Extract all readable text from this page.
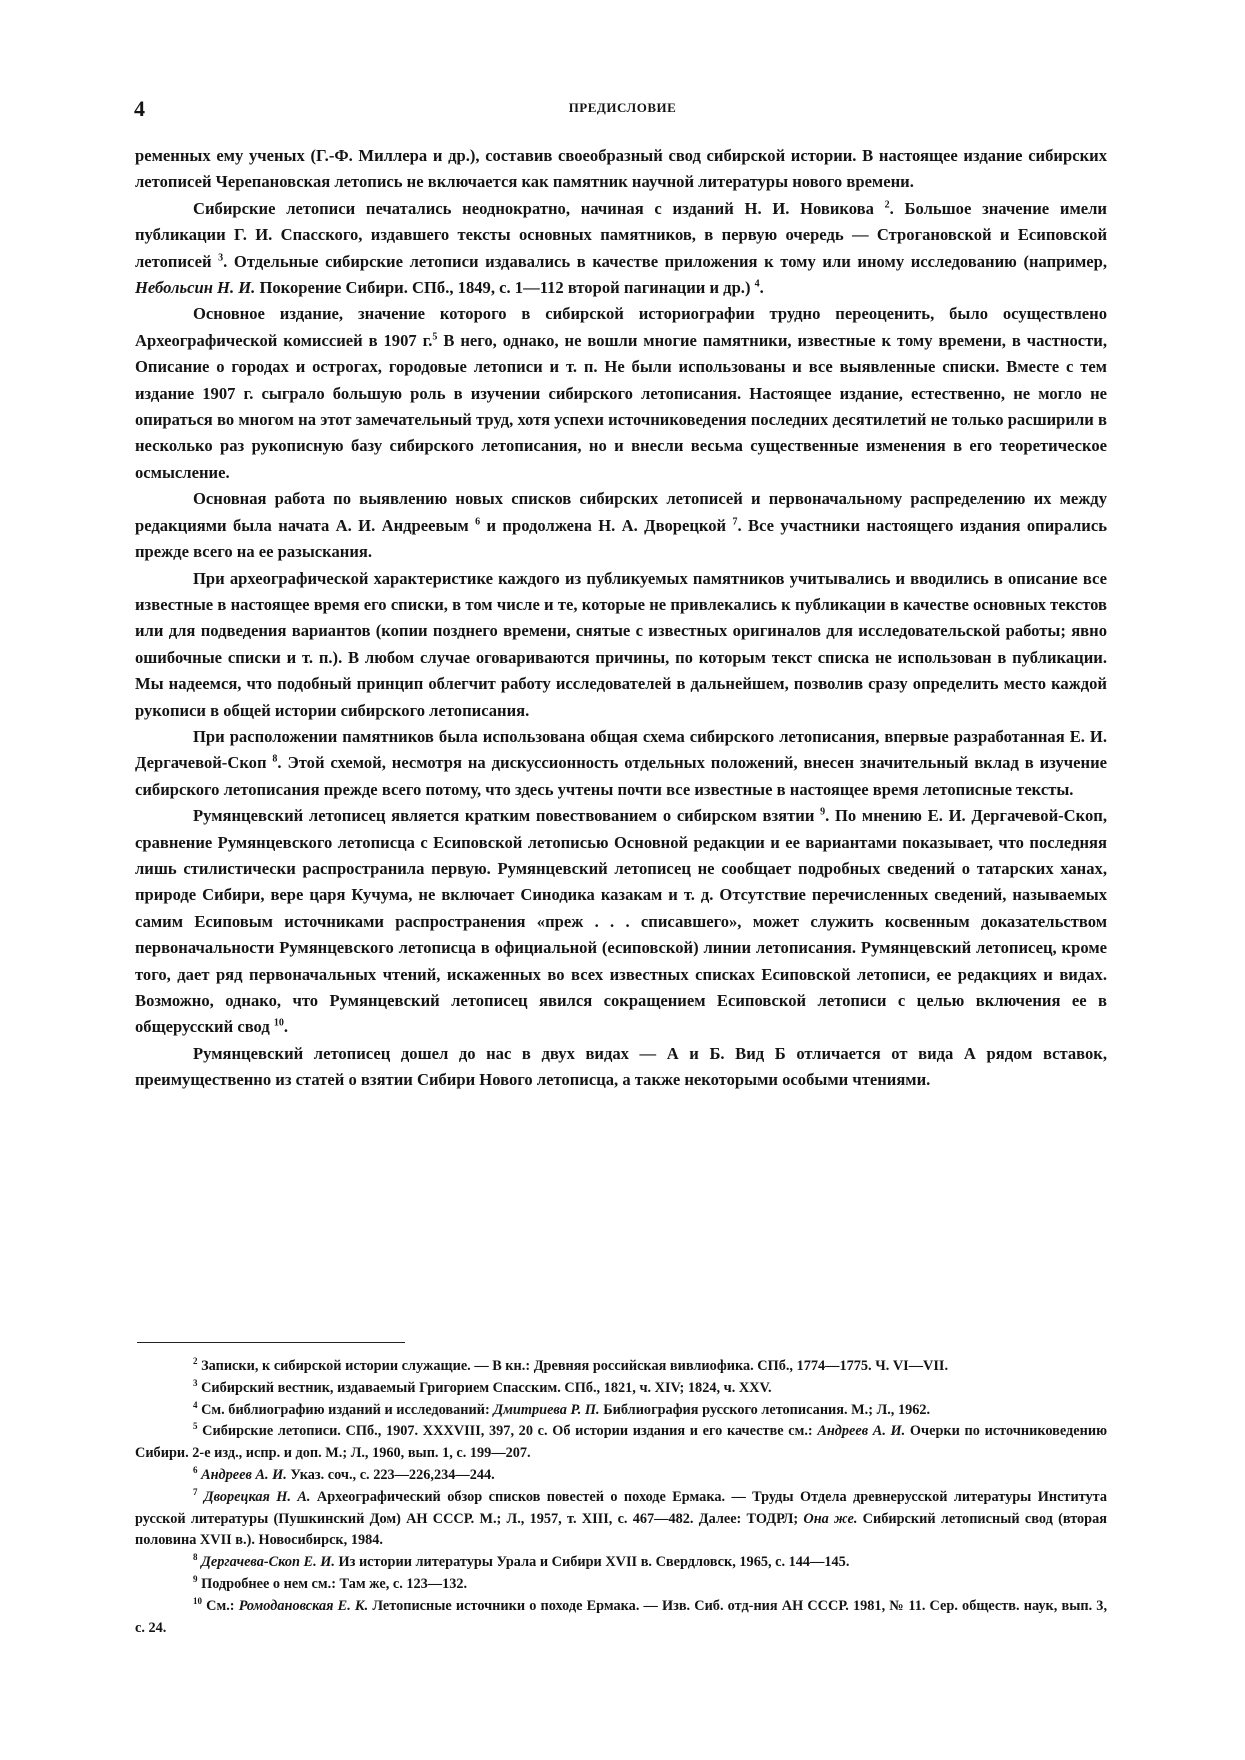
4	ПРЕДИСЛОВИЕ

ременных ему ученых (Г.-Ф. Миллера и др.), составив своеобразный свод сибирской истории. В настоящее издание сибирских летописей Черепановская летопись не включается как памятник научной литературы нового времени.

Сибирские летописи печатались неоднократно, начиная с изданий Н. И. Новикова $^2$. Большое значение имели публикации Г. И. Спасского, издавшего тексты основных памятников, в первую очередь — Строгановской и Есиповской летописей $^3$. Отдельные сибирские летописи издавались в качестве приложения к тому или иному исследованию (например, Небольсин Н. И. Покорение Сибири. СПб., 1849, с. 1—112 второй пагинации и др.) $^4$.

Основное издание, значение которого в сибирской историографии трудно переоценить, было осуществлено Археографической комиссией в 1907 г.$^5$ В него, однако, не вошли многие памятники, известные к тому времени, в частности, Описание о городах и острогах, городовые летописи и т. п. Не были использованы и все выявленные списки. Вместе с тем издание 1907 г. сыграло большую роль в изучении сибирского летописания. Настоящее издание, естественно, не могло не опираться во многом на этот замечательный труд, хотя успехи источниковедения последних десятилетий не только расширили в несколько раз рукописную базу сибирского летописания, но и внесли весьма существенные изменения в его теоретическое осмысление.

Основная работа по выявлению новых списков сибирских летописей и первоначальному распределению их между редакциями была начата А. И. Андреевым $^6$ и продолжена Н. А. Дворецкой $^7$. Все участники настоящего издания опирались прежде всего на ее разыскания.

При археографической характеристике каждого из публикуемых памятников учитывались и вводились в описание все известные в настоящее время его списки, в том числе и те, которые не привлекались к публикации в качестве основных текстов или для подведения вариантов (копии позднего времени, снятые с известных оригиналов для исследовательской работы; явно ошибочные списки и т. п.). В любом случае оговариваются причины, по которым текст списка не использован в публикации. Мы надеемся, что подобный принцип облегчит работу исследователей в дальнейшем, позволив сразу определить место каждой рукописи в общей истории сибирского летописания.

При расположении памятников была использована общая схема сибирского летописания, впервые разработанная Е. И. Дергачевой-Скоп $^8$. Этой схемой, несмотря на дискуссионность отдельных положений, внесен значительный вклад в изучение сибирского летописания прежде всего потому, что здесь учтены почти все известные в настоящее время летописные тексты.

Румянцевский летописец является кратким повествованием о сибирском взятии $^9$. По мнению Е. И. Дергачевой-Скоп, сравнение Румянцевского летописца с Есиповской летописью Основной редакции и ее вариантами показывает, что последняя лишь стилистически распространила первую. Румянцевский летописец не сообщает подробных сведений о татарских ханах, природе Сибири, вере царя Кучума, не включает Синодика казакам и т. д. Отсутствие перечисленных сведений, называемых самим Есиповым источниками распространения «преж . . . списавшего», может служить косвенным доказательством первоначальности Румянцевского летописца в официальной (есиповской) линии летописания. Румянцевский летописец, кроме того, дает ряд первоначальных чтений, искаженных во всех известных списках Есиповской летописи, ее редакциях и видах. Возможно, однако, что Румянцевский летописец явился сокращением Есиповской летописи с целью включения ее в общерусский свод $^{10}$.

Румянцевский летописец дошел до нас в двух видах — А и Б. Вид Б отличается от вида А рядом вставок, преимущественно из статей о взятии Сибири Нового летописца, а также некоторыми особыми чтениями.

$^2$ Записки, к сибирской истории служащие. — В кн.: Древняя российская вивлиофика. СПб., 1774—1775. Ч. VI—VII.

$^3$ Сибирский вестник, издаваемый Григорием Спасским. СПб., 1821, ч. XIV; 1824, ч. XXV.

$^4$ См. библиографию изданий и исследований: Дмитриева Р. П. Библиография русского летописания. М.; Л., 1962.

$^5$ Сибирские летописи. СПб., 1907. XXXVIII, 397, 20 с. Об истории издания и его качестве см.: Андреев А. И. Очерки по источниковедению Сибири. 2-е изд., испр. и доп. М.; Л., 1960, вып. 1, с. 199—207.

$^6$ Андреев А. И. Указ. соч., с. 223—226,234—244.

$^7$ Дворецкая Н. А. Археографический обзор списков повестей о походе Ермака. — Труды Отдела древнерусской литературы Института русской литературы (Пушкинский Дом) АН СССР. М.; Л., 1957, т. XIII, с. 467—482. Далее: ТОДРЛ; Она же. Сибирский летописный свод (вторая половина XVII в.). Новосибирск, 1984.

$^8$ Дергачева-Скоп Е. И. Из истории литературы Урала и Сибири XVII в. Свердловск, 1965, с. 144—145.

$^9$ Подробнее о нем см.: Там же, с. 123—132.

$^{10}$ См.: Ромодановская Е. К. Летописные источники о походе Ермака. — Изв. Сиб. отд-ния АН СССР. 1981, № 11. Сер. обществ. наук, вып. 3, с. 24.
